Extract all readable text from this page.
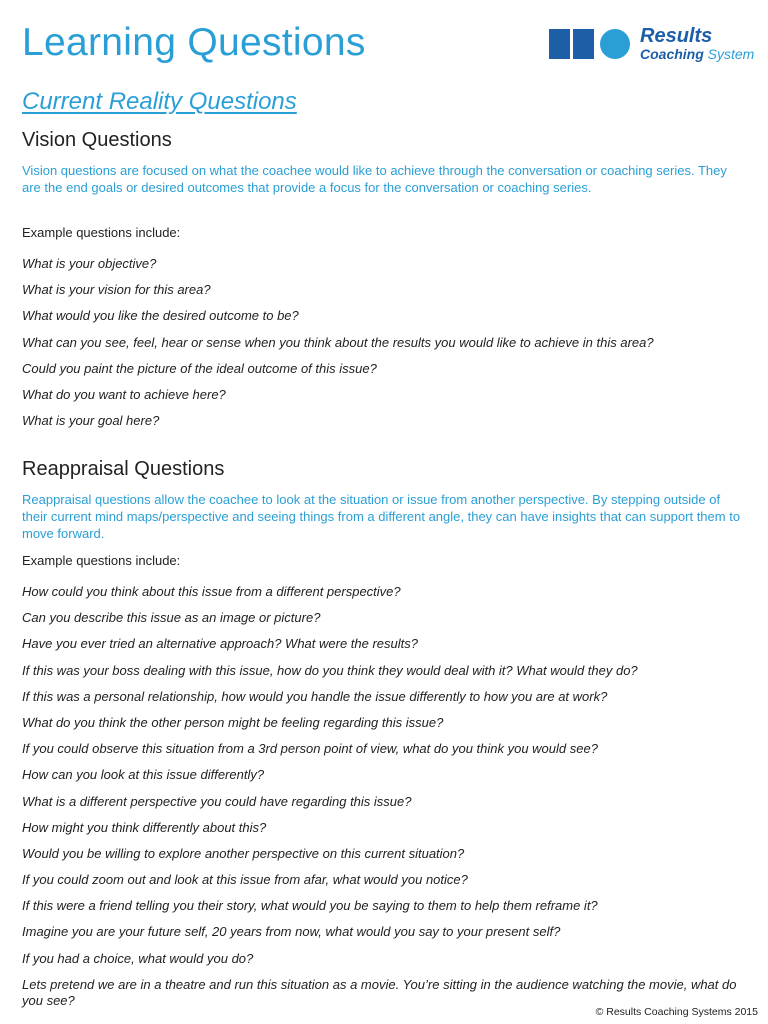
Learning Questions	Results
Coaching System
Current Reality Questions
Vision Questions

Vision questions are focused on what the coachee would like to achieve through the conversation or coaching series. They are the end goals or desired outcomes that provide a focus for the conversation or coaching series.

Example questions include:

What is your objective?
What is your vision for this area?
What would you like the desired outcome to be?
What can you see, feel, hear or sense when you think about the results you would like to achieve in this area?
Could you paint the picture of the ideal outcome of this issue?
What do you want to achieve here?
What is your goal here?
Reappraisal Questions

Reappraisal questions allow the coachee to look at the situation or issue from another perspective. By stepping outside of their current mind maps/perspective and seeing things from a different angle, they can have insights that can support them to move forward.

Example questions include:

How could you think about this issue from a different perspective?
Can you describe this issue as an image or picture?
Have you ever tried an alternative approach? What were the results?
If this was your boss dealing with this issue, how do you think they would deal with it? What would they do?
If this was a personal relationship, how would you handle the issue differently to how you are at work?
What do you think the other person might be feeling regarding this issue?
If you could observe this situation from a 3rd person point of view, what do you think you would see?
How can you look at this issue differently?
What is a different perspective you could have regarding this issue?
How might you think differently about this?
Would you be willing to explore another perspective on this current situation?
If you could zoom out and look at this issue from afar, what would you notice?
If this were a friend telling you their story, what would you be saying to them to help them reframe it?
Imagine you are your future self, 20 years from now, what would you say to your present self?
If you had a choice, what would you do?
Lets pretend we are in a theatre and run this situation as a movie. You’re sitting in the audience watching the movie, what do you see?

© Results Coaching Systems 2015
